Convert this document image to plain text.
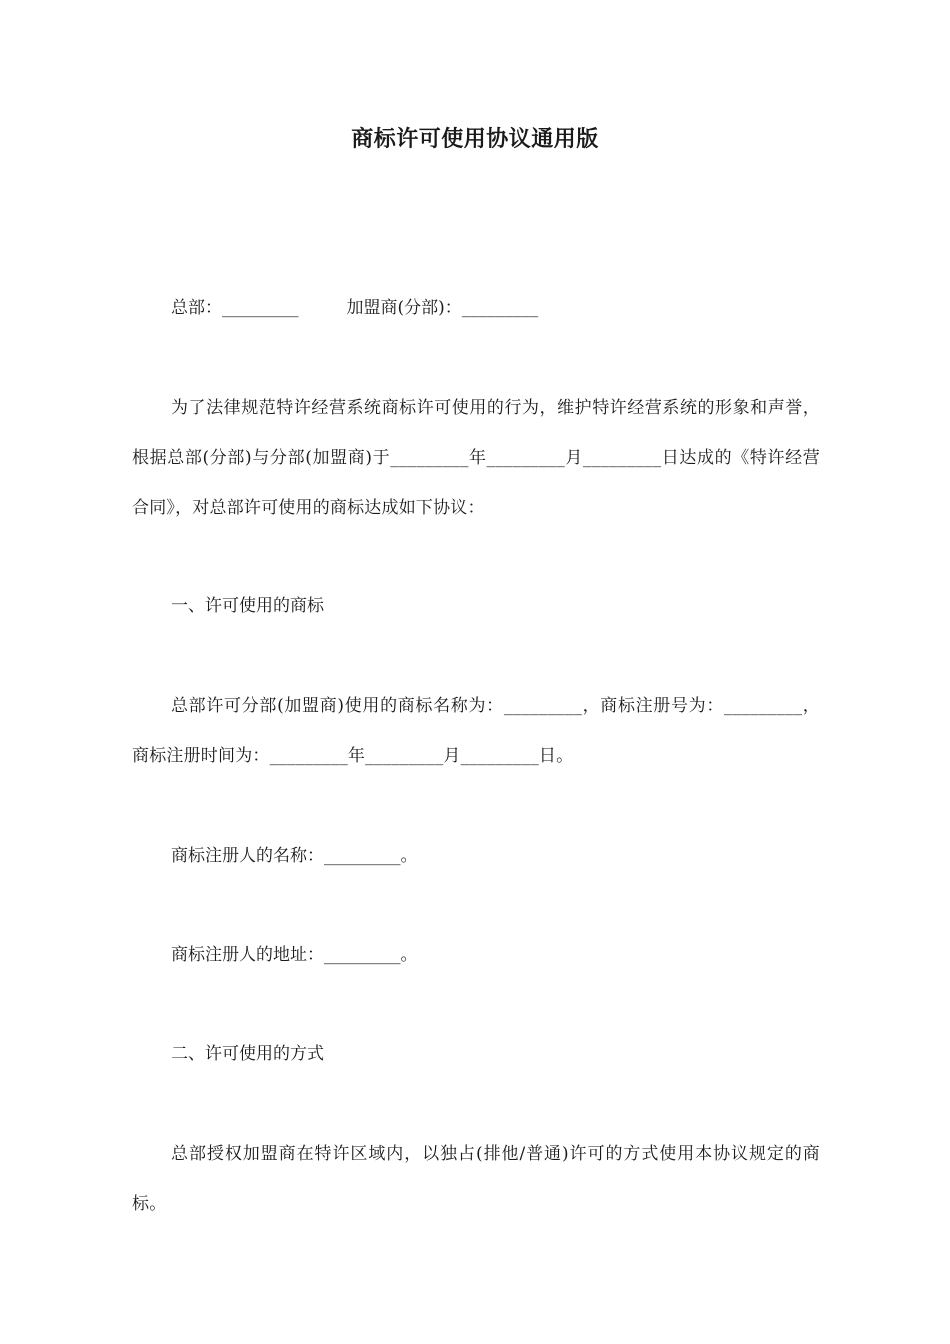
商标许可使用协议通用版
总部：_________	加盟商(分部)：_________
为了法律规范特许经营系统商标许可使用的行为，维护特许经营系统的形象和声誉，根据总部(分部)与分部(加盟商)于_________年_________月_________日达成的《特许经营合同》，对总部许可使用的商标达成如下协议：
一、许可使用的商标
总部许可分部(加盟商)使用的商标名称为：_________，商标注册号为：_________，商标注册时间为：_________年_________月_________日。
商标注册人的名称：_________。
商标注册人的地址：_________。
二、许可使用的方式
总部授权加盟商在特许区域内，以独占(排他/普通)许可的方式使用本协议规定的商标。
